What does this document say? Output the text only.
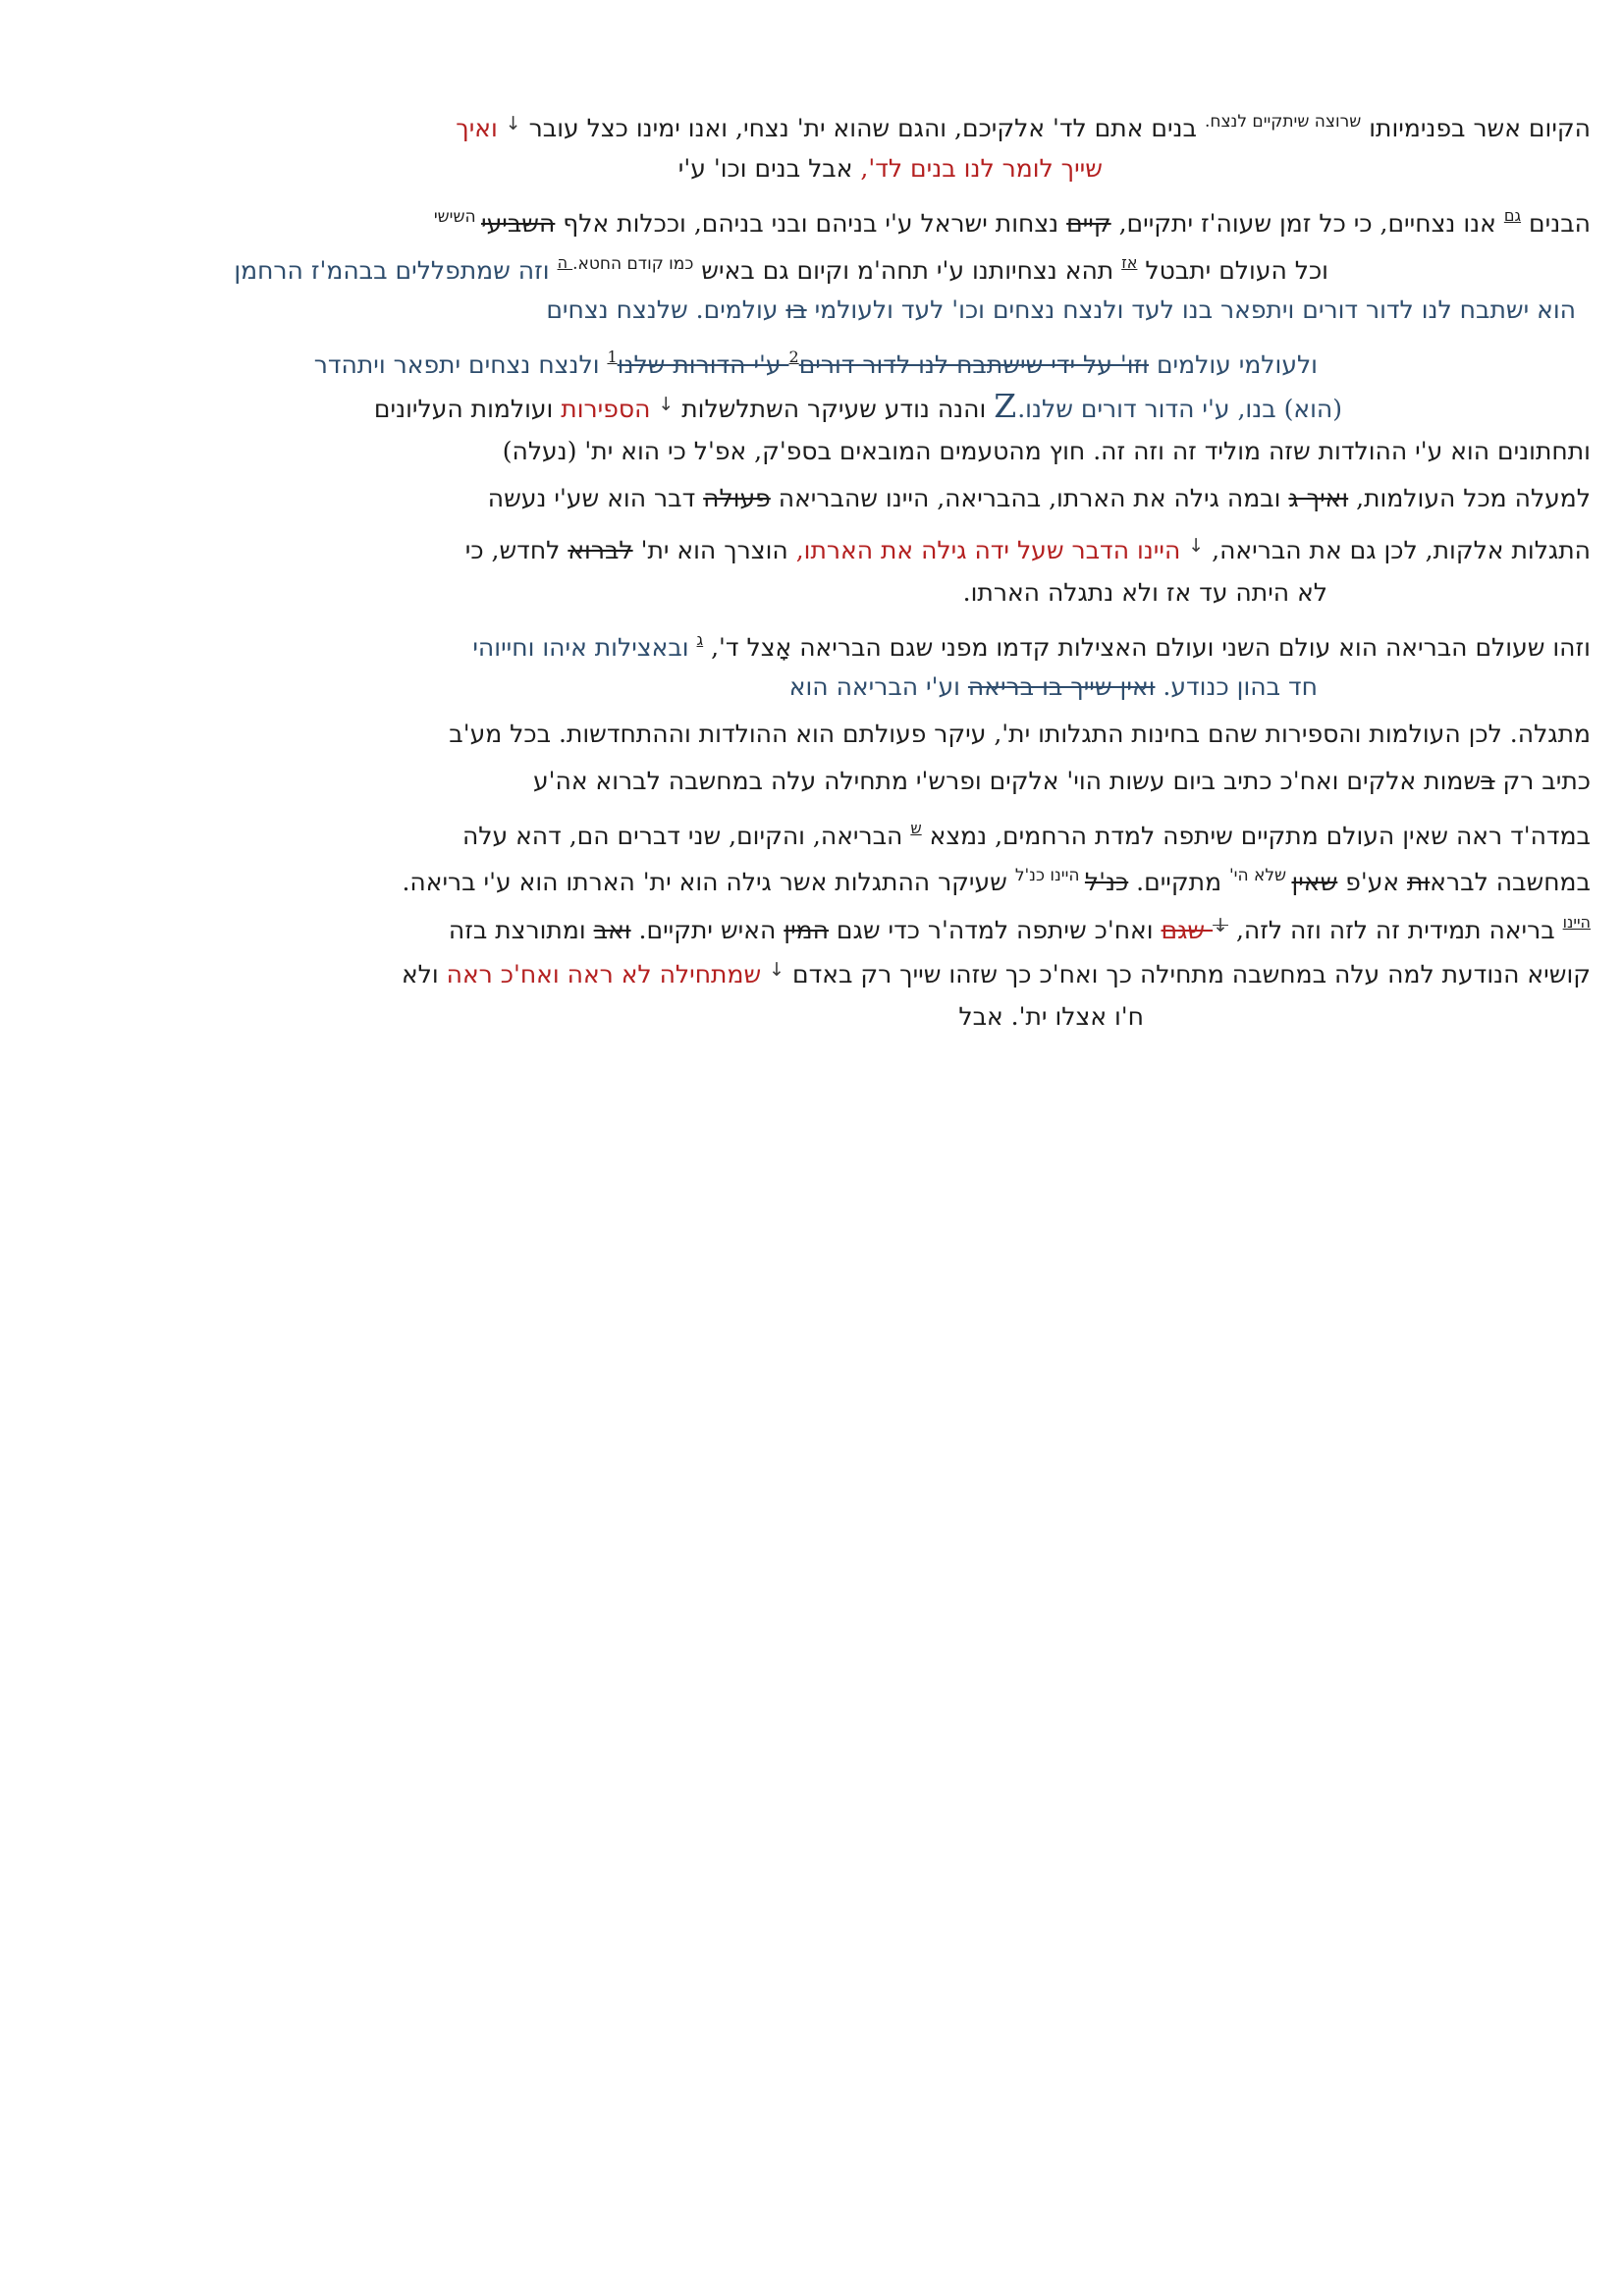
הקיום אשר בפנימיותו $^{שרוצה שיתקיים לנצח.}$ בנים אתם לד' אלקיכם, והגם שהוא ית' נצחי, ואנו ימינו כצל עובר ↓ ואיך
שייך לומר לנו בנים לד', אבל בנים וכו' ע'י
הבנים $^{גם}$ אנו נצחיים, כי כל זמן שעוה'ז יתקיים, קיים נצחות ישראל ע'י בניהם ובני בניהם, וככלות אלף השביעי $^{השישי}$
וכל העולם יתבטל $^{אז}$ תהא נצחיותנו ע'י תחה'מ וקיום גם באיש $^{כמו קודם החטא.}$ $^ה$ וזה שמתפללים בבהמ'ז הרחמן
הוא ישתבח לנו לדור דורים ויתפאר בנו לעד ולנצח נצחים וכו' לעד ולעולמי בו עולמים. שלנצח נצחים
ולעולמי עולמים וזו' על ידי שישתבח לנו לדור דורים$^2$ ע'י הדורות שלנו$^1$ ולנצח נצחים יתפאר ויתהדר
(הוא) בנו, ע'י הדור דורים שלנו.Z והנה נודע שעיקר השתלשלות ↓ הספירות ועולמות העליונים
ותחתונים הוא ע'י ההולדות שזה מוליד זה וזה זה. חוץ מהטעמים המובאים בספ'ק, אפ'ל כי הוא ית' (נעלה)
למעלה מכל העולמות, ואיך ג ובמה גילה את הארתו, בהבריאה, היינו שהבריאה פעולה דבר הוא שע'י נעשה
התגלות אלקות, לכן גם את הבריאה, ↓ היינו הדבר שעל ידה גילה את הארתו, הוצרך הוא ית' לברוא לחדש, כי
לא היתה עד אז ולא נתגלה הארתו.
וזהו שעולם הבריאה הוא עולם השני ועולם האצילות קדמו מפני שגם הבריאה אָצל ד', $^ג$ ובאצילות איהו וחייוהי
חד בהון כנודע. ואין שייך בו בריאה וע'י הבריאה הוא
מתגלה. לכן העולמות והספירות שהם בחינות התגלותו ית', עיקר פעולתם הוא ההולדות וההתחדשות. בכל מע'ב
כתיב רק בשמות אלקים ואח'כ כתיב ביום עשות הוי' אלקים ופרש'י מתחילה עלה במחשבה לברוא אה'ע
במדה'ד ראה שאין העולם מתקיים שיתפה למדת הרחמים, נמצא $^ש$ הבריאה, והקיום, שני דברים הם, דהא עלה
במחשבה לבראות אע'פ שאין $^{שלא הי'}$ מתקיים. כנ'ל $^{היינו כנ'ל}$ שעיקר ההתגלות אשר גילה הוא ית' הארתו הוא ע'י בריאה.
$^{היינו}$ בריאה תמידית זה לזה וזה לזה, ↓ שגם ואח'כ שיתפה למדה'ר כדי שגם המין האיש יתקיים. ואב ומתורצת בזה
קושיא הנודעת למה עלה במחשבה מתחילה כך ואח'כ כך שזהו שייך רק באדם ↓ שמתחילה לא ראה ואח'כ ראה ולא
ח'ו אצלו ית'. אבל
